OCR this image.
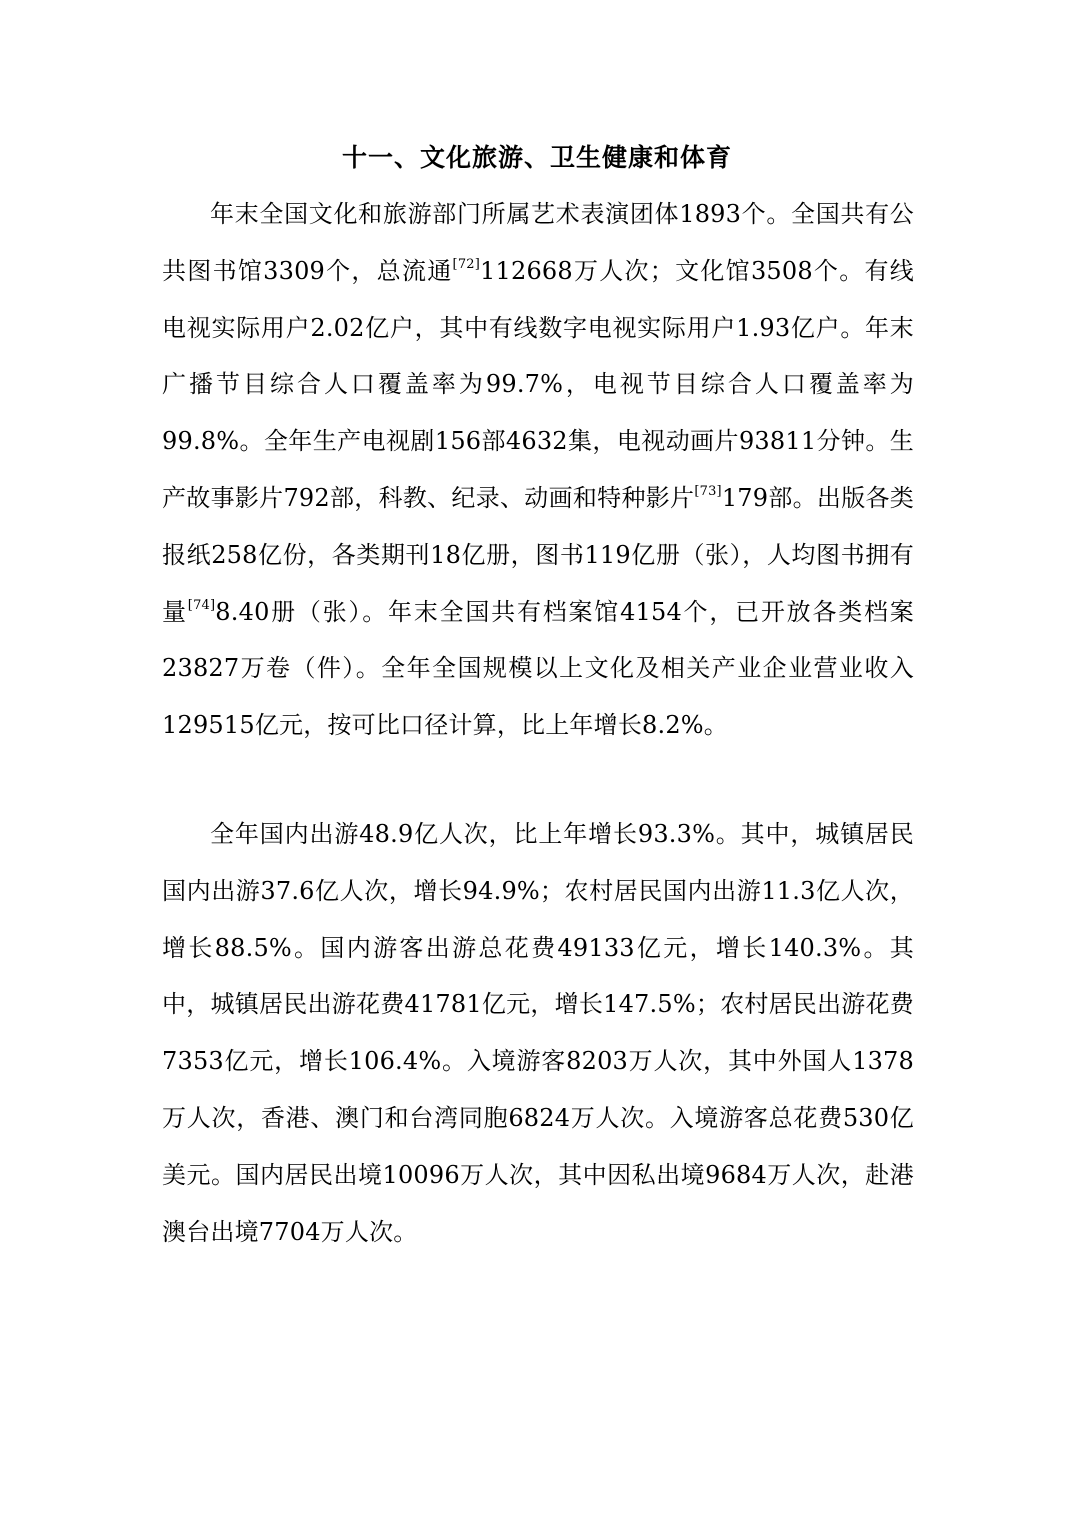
十一、文化旅游、卫生健康和体育

年末全国文化和旅游部门所属艺术表演团体1893个。全国共有公共图书馆3309个，总流通[72]112668万人次；文化馆3508个。有线电视实际用户2.02亿户，其中有线数字电视实际用户1.93亿户。年末广播节目综合人口覆盖率为99.7%，电视节目综合人口覆盖率为99.8%。全年生产电视剧156部4632集，电视动画片93811分钟。生产故事影片792部，科教、纪录、动画和特种影片[73]179部。出版各类报纸258亿份，各类期刊18亿册，图书119亿册（张），人均图书拥有量[74]8.40册（张）。年末全国共有档案馆4154个，已开放各类档案23827万卷（件）。全年全国规模以上文化及相关产业企业营业收入129515亿元，按可比口径计算，比上年增长8.2%。

全年国内出游48.9亿人次，比上年增长93.3%。其中，城镇居民国内出游37.6亿人次，增长94.9%；农村居民国内出游11.3亿人次，增长88.5%。国内游客出游总花费49133亿元，增长140.3%。其中，城镇居民出游花费41781亿元，增长147.5%；农村居民出游花费7353亿元，增长106.4%。入境游客8203万人次，其中外国人1378万人次，香港、澳门和台湾同胞6824万人次。入境游客总花费530亿美元。国内居民出境10096万人次，其中因私出境9684万人次，赴港澳台出境7704万人次。
